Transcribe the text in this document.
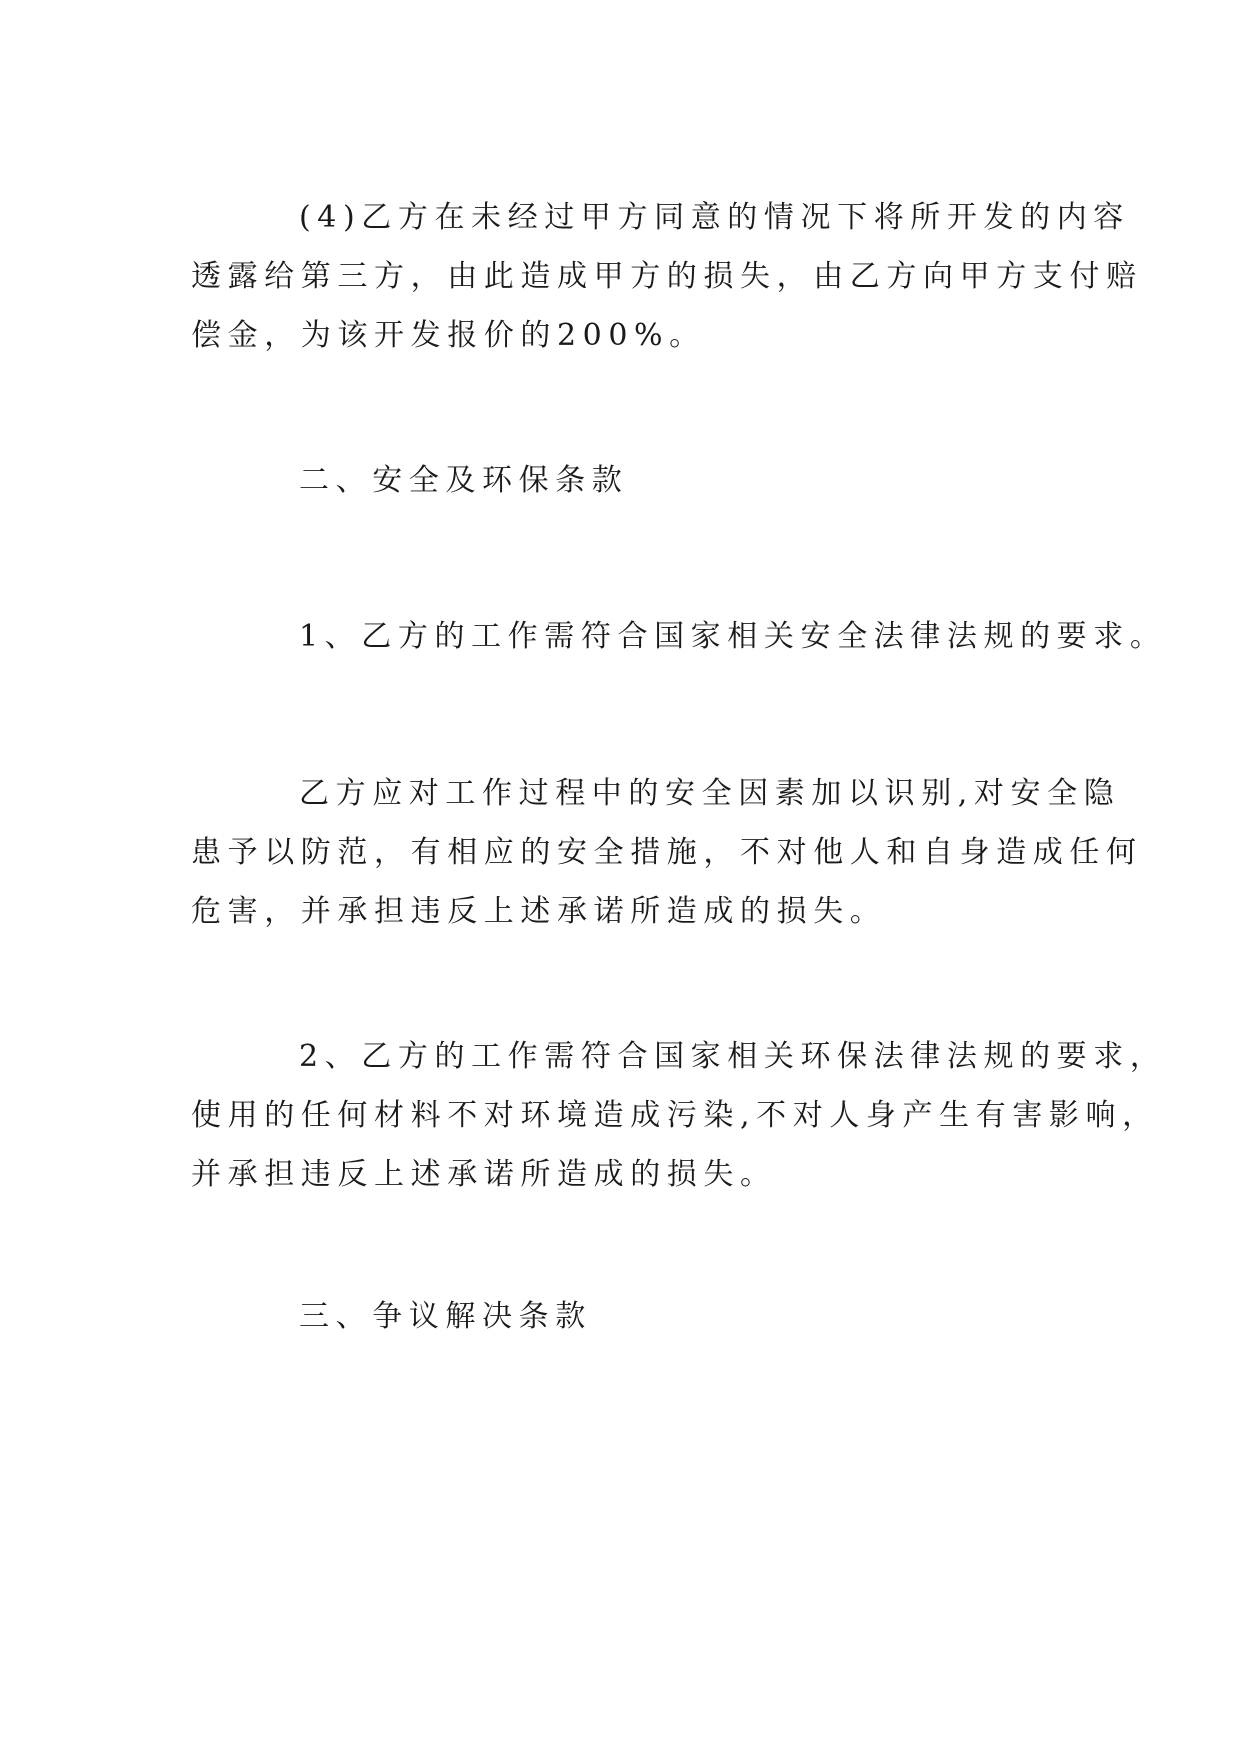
(4)乙方在未经过甲方同意的情况下将所开发的内容
透露给第三方，由此造成甲方的损失，由乙方向甲方支付赔
偿金，为该开发报价的200%。

二、安全及环保条款

1、乙方的工作需符合国家相关安全法律法规的要求。

乙方应对工作过程中的安全因素加以识别,对安全隐
患予以防范，有相应的安全措施，不对他人和自身造成任何
危害，并承担违反上述承诺所造成的损失。

2、乙方的工作需符合国家相关环保法律法规的要求，
使用的任何材料不对环境造成污染,不对人身产生有害影响，
并承担违反上述承诺所造成的损失。

三、争议解决条款
